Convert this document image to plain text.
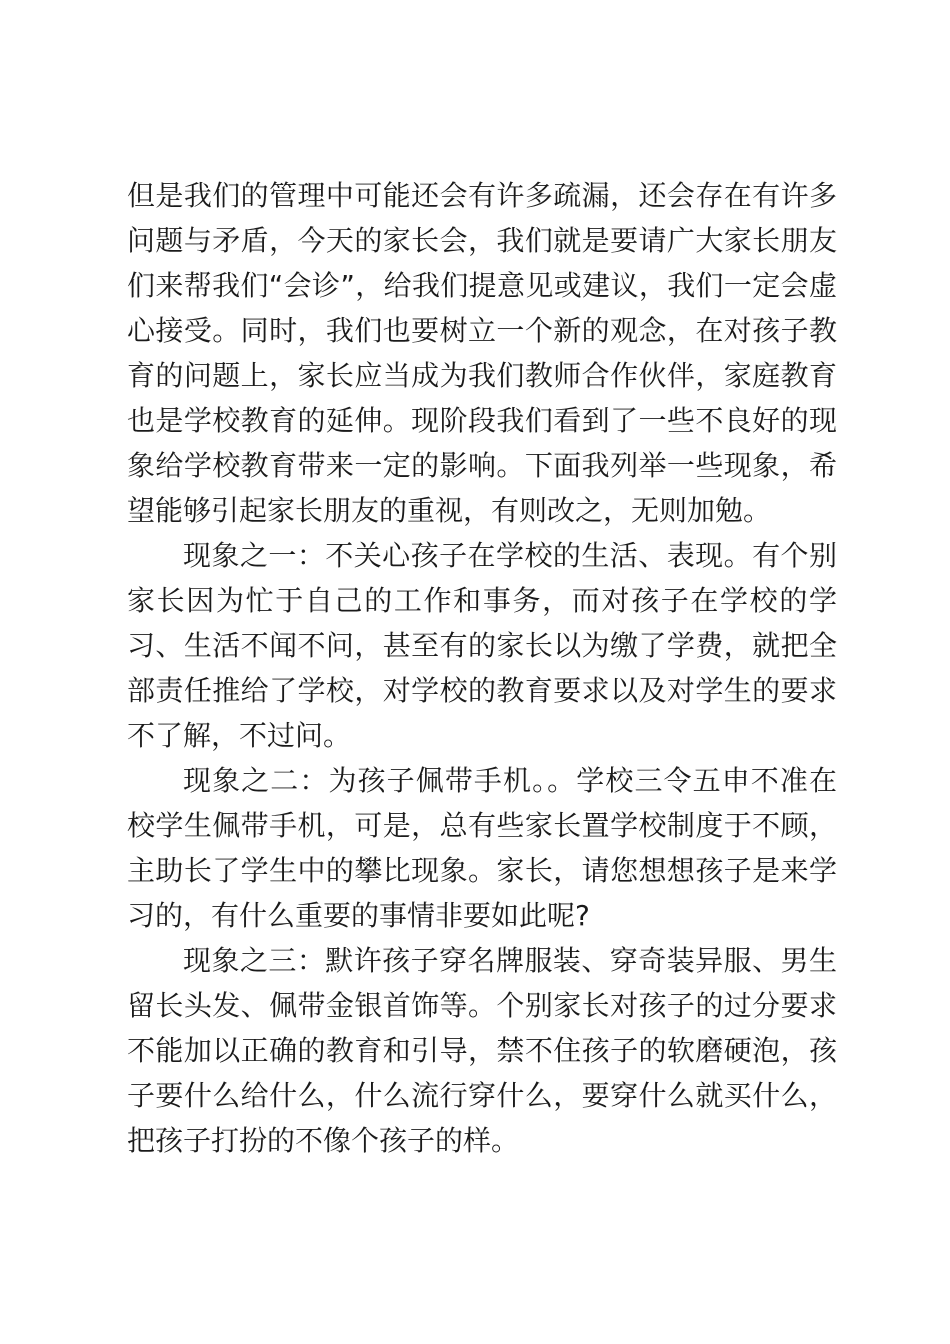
但是我们的管理中可能还会有许多疏漏，还会存在有许多问题与矛盾，今天的家长会，我们就是要请广大家长朋友们来帮我们“会诊”，给我们提意见或建议，我们一定会虚心接受。同时，我们也要树立一个新的观念，在对孩子教育的问题上，家长应当成为我们教师合作伙伴，家庭教育也是学校教育的延伸。现阶段我们看到了一些不良好的现象给学校教育带来一定的影响。下面我列举一些现象，希望能够引起家长朋友的重视，有则改之，无则加勉。

现象之一：不关心孩子在学校的生活、表现。有个别家长因为忙于自己的工作和事务，而对孩子在学校的学习、生活不闻不问，甚至有的家长以为缴了学费，就把全部责任推给了学校，对学校的教育要求以及对学生的要求不了解，不过问。

现象之二：为孩子佩带手机。。学校三令五申不准在校学生佩带手机，可是，总有些家长置学校制度于不顾，主助长了学生中的攀比现象。家长，请您想想孩子是来学习的，有什么重要的事情非要如此呢?

现象之三：默许孩子穿名牌服装、穿奇装异服、男生留长头发、佩带金银首饰等。个别家长对孩子的过分要求不能加以正确的教育和引导，禁不住孩子的软磨硬泡，孩子要什么给什么，什么流行穿什么，要穿什么就买什么，把孩子打扮的不像个孩子的样。
